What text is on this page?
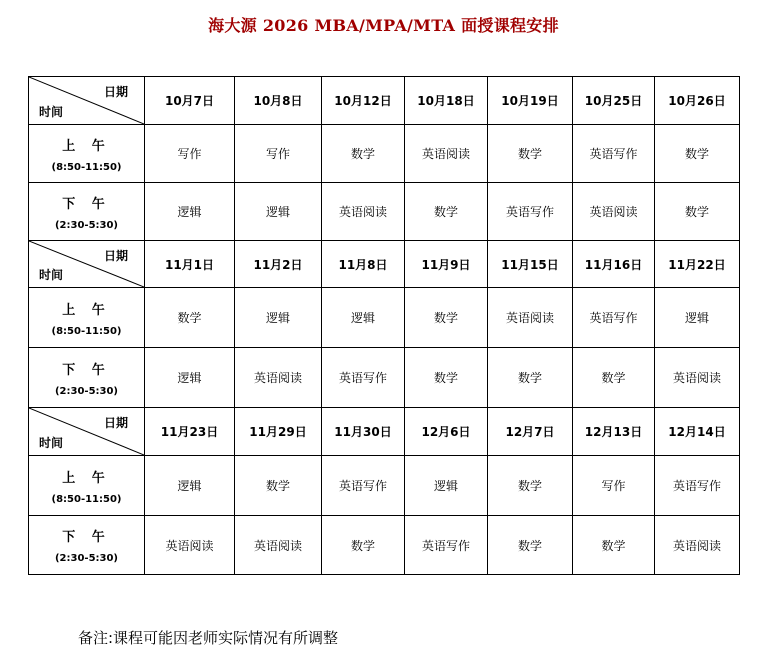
海大源 2026 MBA/MPA/MTA 面授课程安排
日期
时间	10月7日	10月8日	10月12日	10月18日	10月19日	10月25日	10月26日

上 午
(8:50-11:50)	写作	写作	数学	英语阅读	数学	英语写作	数学

下 午
(2:30-5:30)	逻辑	逻辑	英语阅读	数学	英语写作	英语阅读	数学

日期
时间	11月1日	11月2日	11月8日	11月9日	11月15日	11月16日	11月22日

上 午
(8:50-11:50)	数学	逻辑	逻辑	数学	英语阅读	英语写作	逻辑

下 午
(2:30-5:30)	逻辑	英语阅读	英语写作	数学	数学	数学	英语阅读

日期
时间	11月23日	11月29日	11月30日	12月6日	12月7日	12月13日	12月14日

上 午
(8:50-11:50)	逻辑	数学	英语写作	逻辑	数学	写作	英语写作

下 午
(2:30-5:30)	英语阅读	英语阅读	数学	英语写作	数学	数学	英语阅读
备注:课程可能因老师实际情况有所调整
